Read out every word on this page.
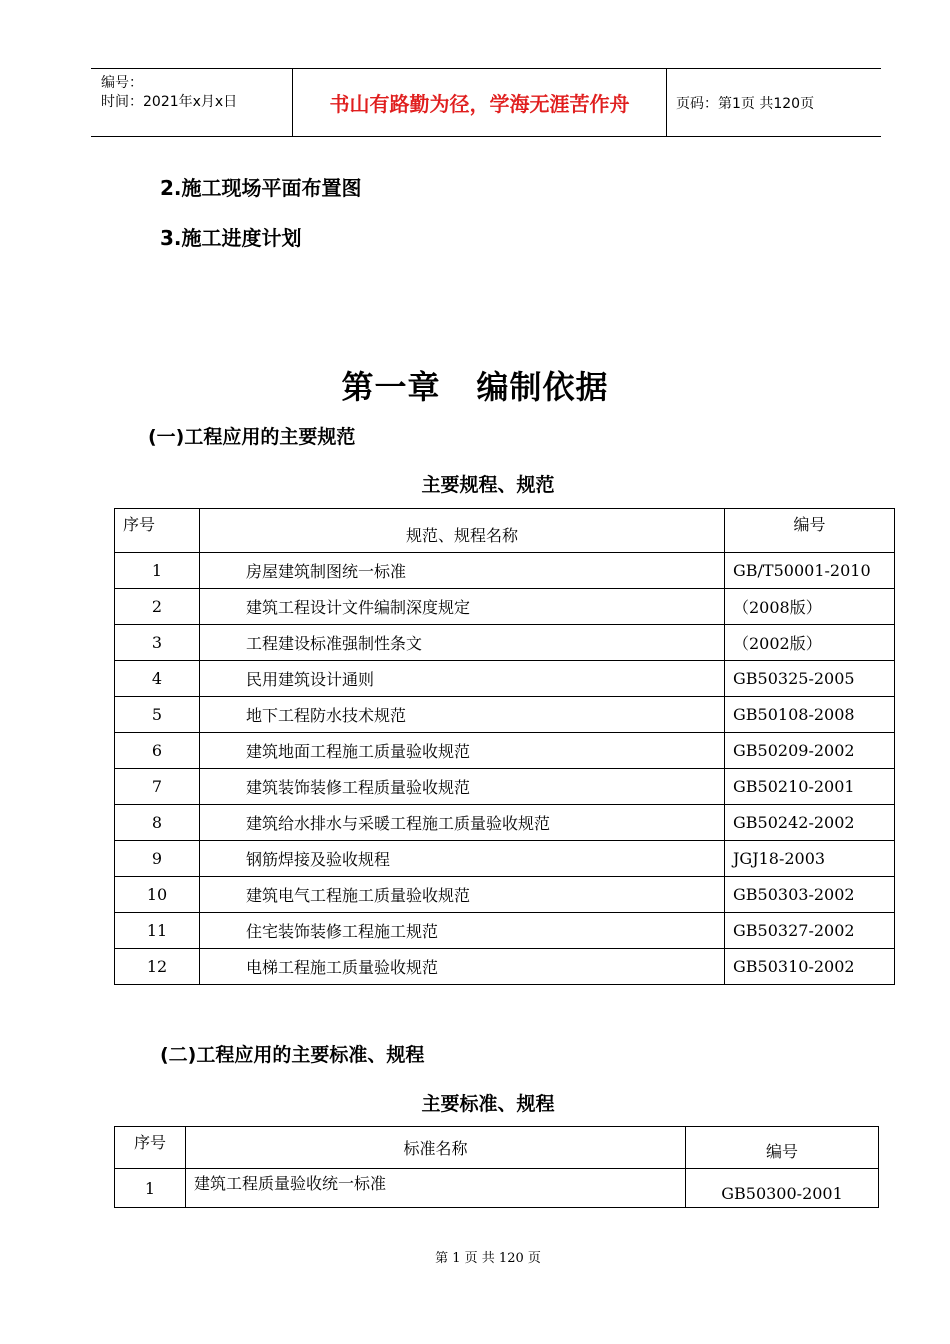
编号：
时间：2021年x月x日	书山有路勤为径，学海无涯苦作舟	页码：第1页 共120页
2.施工现场平面布置图
3.施工进度计划
第一章 编制依据
(一)工程应用的主要规范
主要规程、规范
序号	规范、规程名称	编号
1	房屋建筑制图统一标准	GB/T50001-2010
2	建筑工程设计文件编制深度规定	（2008版）
3	工程建设标准强制性条文	（2002版）
4	民用建筑设计通则	GB50325-2005
5	地下工程防水技术规范	GB50108-2008
6	建筑地面工程施工质量验收规范	GB50209-2002
7	建筑装饰装修工程质量验收规范	GB50210-2001
8	建筑给水排水与采暖工程施工质量验收规范	GB50242-2002
9	钢筋焊接及验收规程	JGJ18-2003
10	建筑电气工程施工质量验收规范	GB50303-2002
11	住宅装饰装修工程施工规范	GB50327-2002
12	电梯工程施工质量验收规范	GB50310-2002
(二)工程应用的主要标准、规程
主要标准、规程
序号	标准名称	编号
1	建筑工程质量验收统一标准	GB50300-2001
第 1 页 共 120 页
